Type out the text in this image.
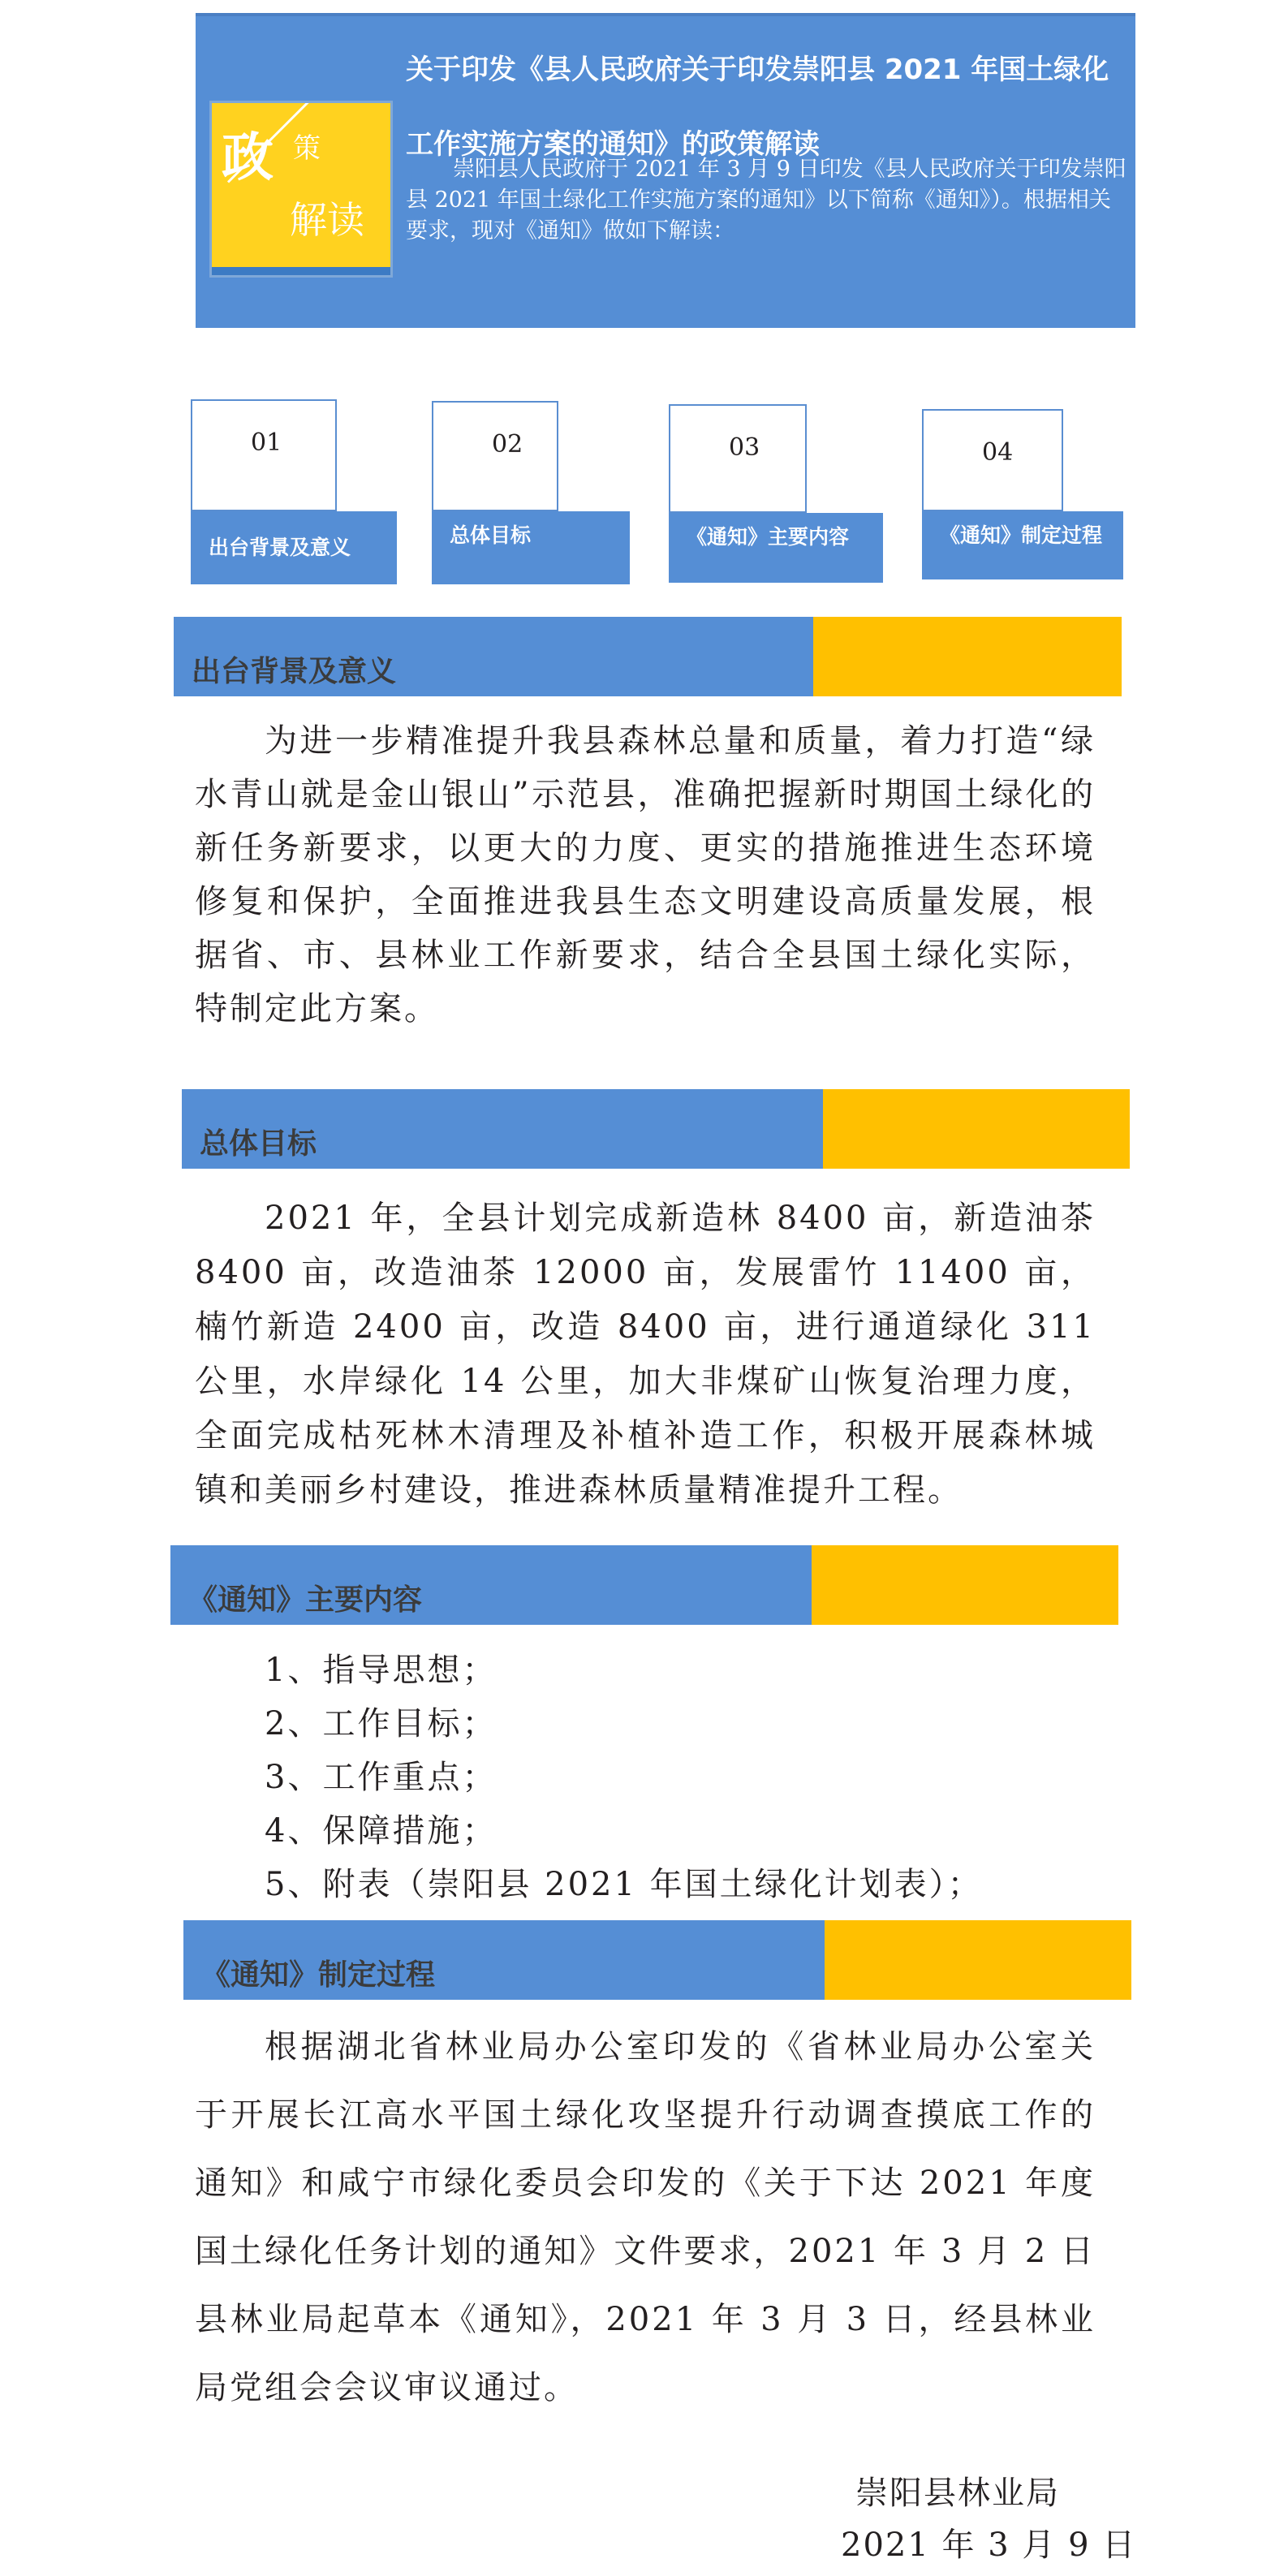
政 策
解读
关于印发《县人民政府关于印发崇阳县 2021 年国土绿化工作实施方案的通知》的政策解读

崇阳县人民政府于 2021 年 3 月 9 日印发《县人民政府关于印发崇阳县 2021 年国土绿化工作实施方案的通知》以下简称《通知》）。根据相关要求，现对《通知》做如下解读：

01
出台背景及意义
02
总体目标
03
《通知》主要内容
04
《通知》制定过程
出台背景及意义

为进一步精准提升我县森林总量和质量，着力打造“绿水青山就是金山银山”示范县，准确把握新时期国土绿化的新任务新要求，以更大的力度、更实的措施推进生态环境修复和保护，全面推进我县生态文明建设高质量发展，根据省、市、县林业工作新要求，结合全县国土绿化实际，特制定此方案。

总体目标

2021 年，全县计划完成新造林 8400 亩，新造油茶 8400 亩，改造油茶 12000 亩，发展雷竹 11400 亩，楠竹新造 2400 亩，改造 8400 亩，进行通道绿化 311 公里，水岸绿化 14 公里，加大非煤矿山恢复治理力度，全面完成枯死林木清理及补植补造工作，积极开展森林城镇和美丽乡村建设，推进森林质量精准提升工程。

《通知》主要内容
1、指导思想；
2、工作目标；
3、工作重点；
4、保障措施；
5、附表（崇阳县 2021 年国土绿化计划表）；
《通知》制定过程

根据湖北省林业局办公室印发的《省林业局办公室关于开展长江高水平国土绿化攻坚提升行动调查摸底工作的通知》和咸宁市绿化委员会印发的《关于下达 2021 年度国土绿化任务计划的通知》文件要求，2021 年 3 月 2 日县林业局起草本《通知》，2021 年 3 月 3 日，经县林业局党组会会议审议通过。

崇阳县林业局
2021 年 3 月 9 日
